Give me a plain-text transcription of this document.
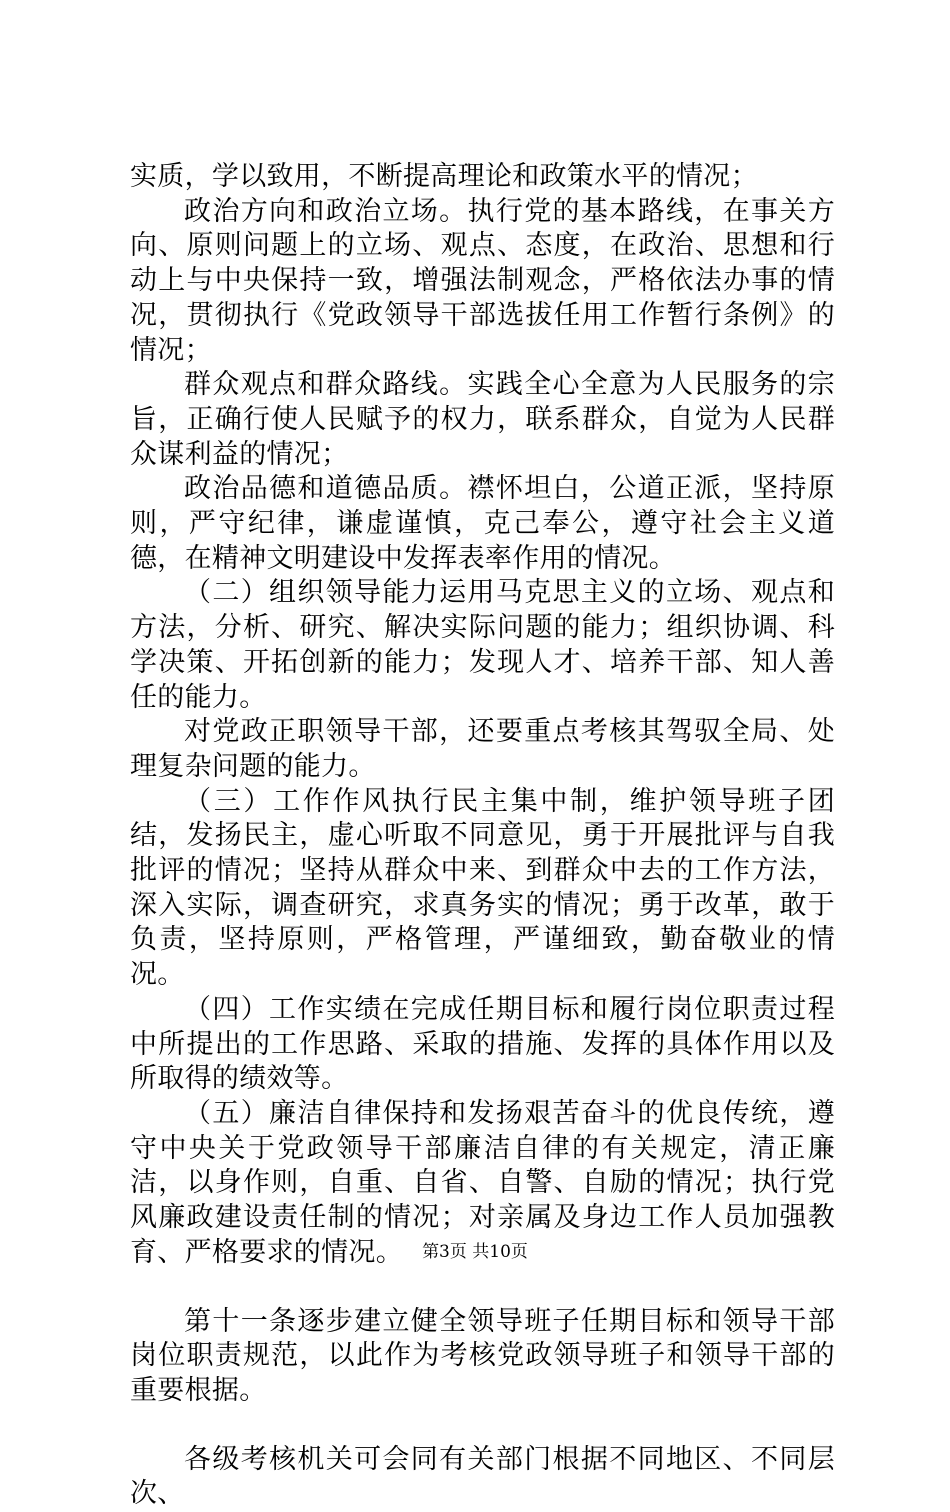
实质，学以致用，不断提高理论和政策水平的情况；

政治方向和政治立场。执行党的基本路线，在事关方向、原则问题上的立场、观点、态度，在政治、思想和行动上与中央保持一致，增强法制观念，严格依法办事的情况，贯彻执行《党政领导干部选拔任用工作暂行条例》的情况；

群众观点和群众路线。实践全心全意为人民服务的宗旨，正确行使人民赋予的权力，联系群众，自觉为人民群众谋利益的情况；

政治品德和道德品质。襟怀坦白，公道正派，坚持原则，严守纪律，谦虚谨慎，克己奉公，遵守社会主义道德，在精神文明建设中发挥表率作用的情况。

（二）组织领导能力运用马克思主义的立场、观点和方法，分析、研究、解决实际问题的能力；组织协调、科学决策、开拓创新的能力；发现人才、培养干部、知人善任的能力。

对党政正职领导干部，还要重点考核其驾驭全局、处理复杂问题的能力。

（三）工作作风执行民主集中制，维护领导班子团结，发扬民主，虚心听取不同意见，勇于开展批评与自我批评的情况；坚持从群众中来、到群众中去的工作方法，深入实际，调查研究，求真务实的情况；勇于改革，敢于负责，坚持原则，严格管理，严谨细致，勤奋敬业的情况。

（四）工作实绩在完成任期目标和履行岗位职责过程中所提出的工作思路、采取的措施、发挥的具体作用以及所取得的绩效等。

（五）廉洁自律保持和发扬艰苦奋斗的优良传统，遵守中央关于党政领导干部廉洁自律的有关规定，清正廉洁，以身作则，自重、自省、自警、自励的情况；执行党风廉政建设责任制的情况；对亲属及身边工作人员加强教育、严格要求的情况。

第十一条逐步建立健全领导班子任期目标和领导干部岗位职责规范，以此作为考核党政领导班子和领导干部的重要根据。

各级考核机关可会同有关部门根据不同地区、不同层次、

第3页 共10页
